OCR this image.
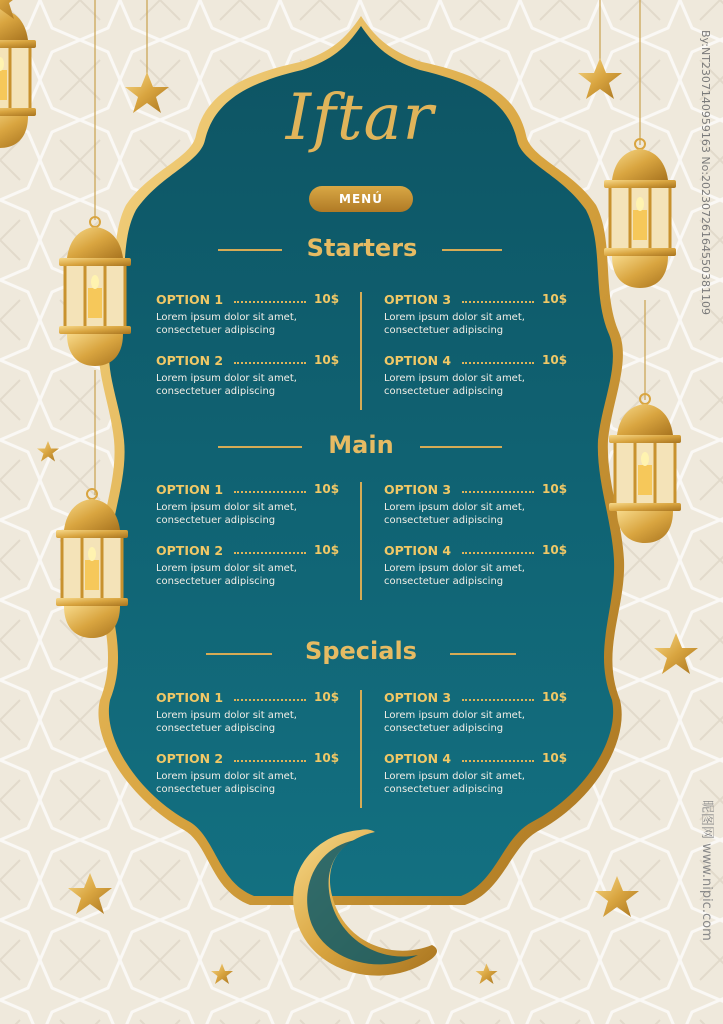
Iftar
MENÚ
Starters
OPTION 1	10$
Lorem ipsum dolor sit amet,
consectetuer adipiscing
OPTION 2	10$
Lorem ipsum dolor sit amet,
consectetuer adipiscing
OPTION 3	10$
Lorem ipsum dolor sit amet,
consectetuer adipiscing
OPTION 4	10$
Lorem ipsum dolor sit amet,
consectetuer adipiscing
Main
OPTION 1	10$
Lorem ipsum dolor sit amet,
consectetuer adipiscing
OPTION 2	10$
Lorem ipsum dolor sit amet,
consectetuer adipiscing
OPTION 3	10$
Lorem ipsum dolor sit amet,
consectetuer adipiscing
OPTION 4	10$
Lorem ipsum dolor sit amet,
consectetuer adipiscing
Specials
OPTION 1	10$
Lorem ipsum dolor sit amet,
consectetuer adipiscing
OPTION 2	10$
Lorem ipsum dolor sit amet,
consectetuer adipiscing
OPTION 3	10$
Lorem ipsum dolor sit amet,
consectetuer adipiscing
OPTION 4	10$
Lorem ipsum dolor sit amet,
consectetuer adipiscing
By:NT2307140959163 No:20230726164550381109
昵图网 www.nipic.com
